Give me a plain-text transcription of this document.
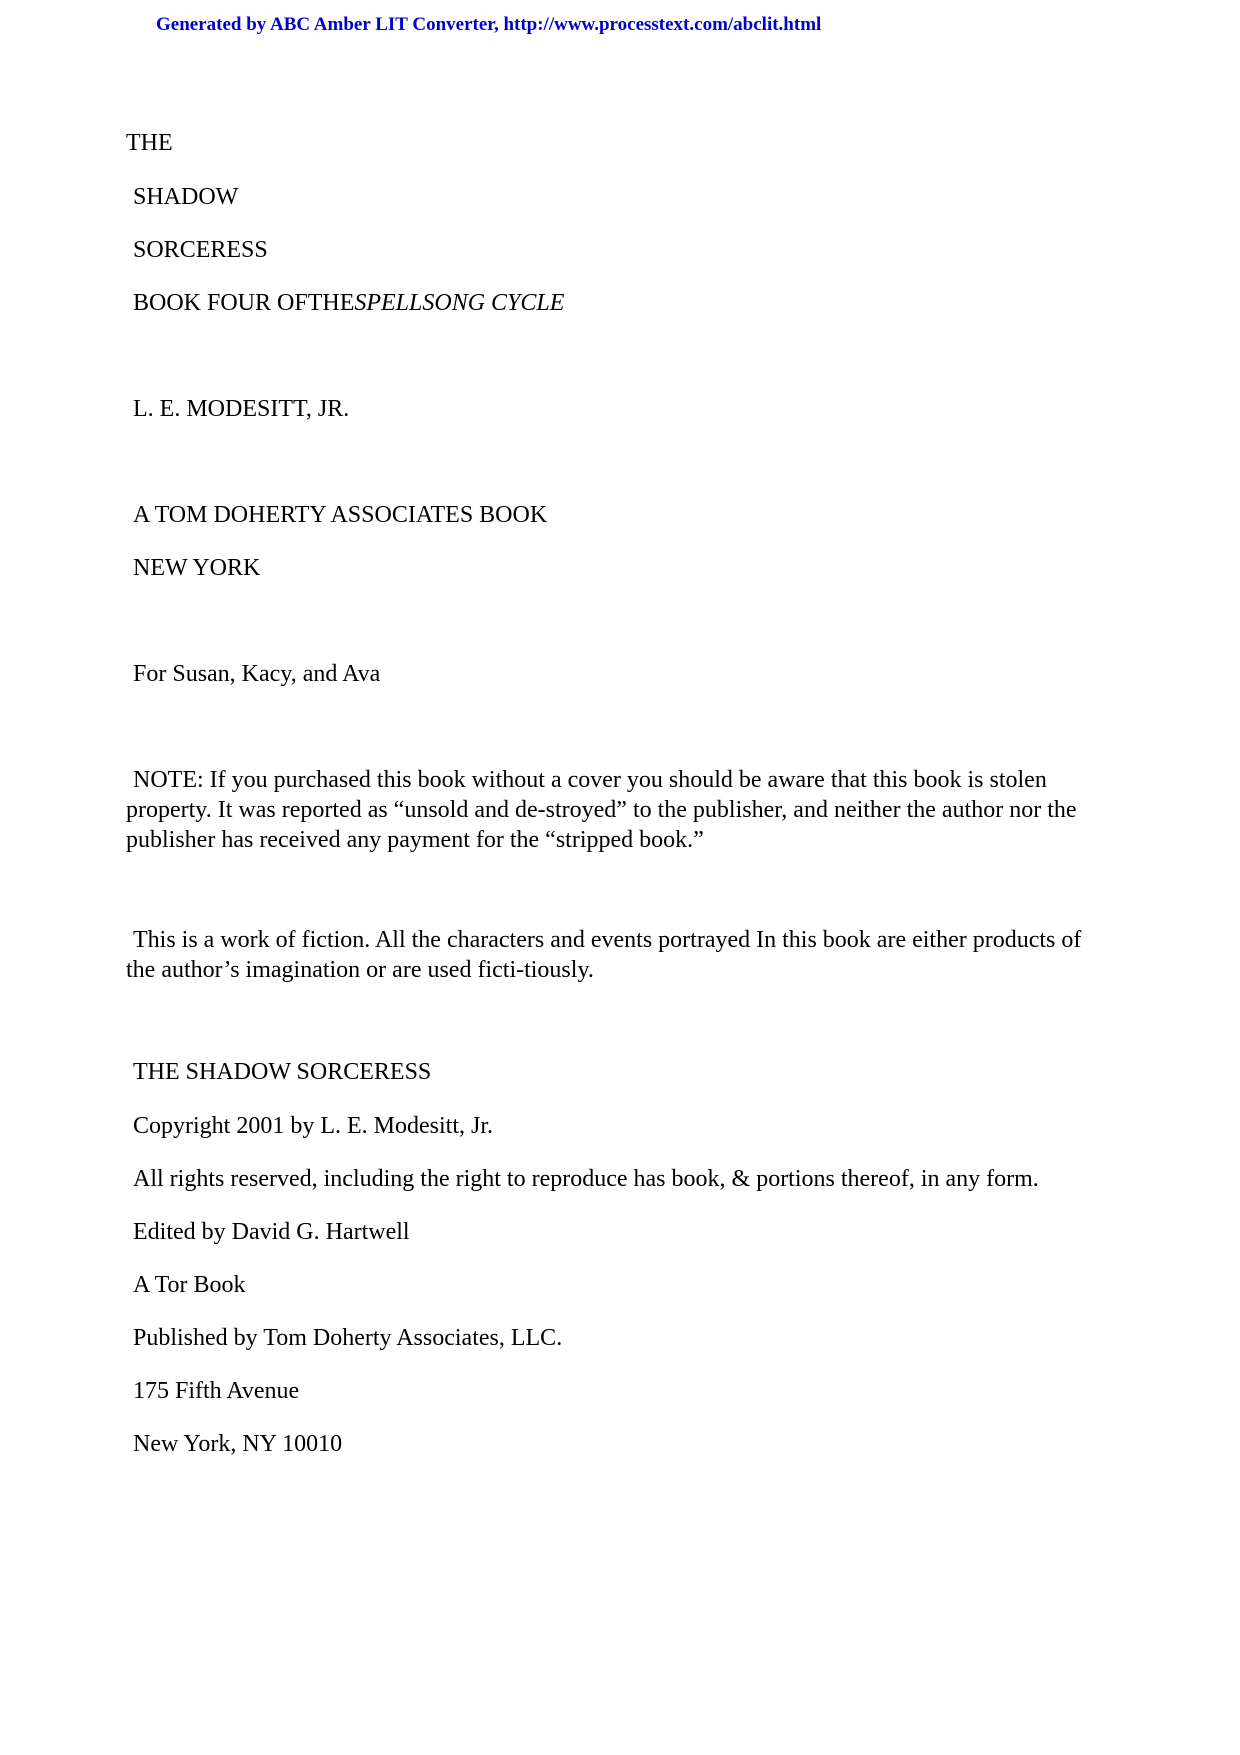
Generated by ABC Amber LIT Converter, http://www.processtext.com/abclit.html
THE
SHADOW
SORCERESS
BOOK FOUR OFTHESPELLSONG CYCLE
L. E. MODESITT, JR.
A TOM DOHERTY ASSOCIATES BOOK
NEW YORK
For Susan, Kacy, and Ava
NOTE: If you purchased this book without a cover you should be aware that this book is stolen property. It was reported as “unsold and de-stroyed” to the publisher, and neither the author nor the publisher has received any payment for the “stripped book.”
This is a work of fiction. All the characters and events portrayed In this book are either products of the author’s imagination or are used ficti-tiously.
THE SHADOW SORCERESS
Copyright 2001 by L. E. Modesitt, Jr.
All rights reserved, including the right to reproduce has book, & portions thereof, in any form.
Edited by David G. Hartwell
A Tor Book
Published by Tom Doherty Associates, LLC.
175 Fifth Avenue
New York, NY 10010
